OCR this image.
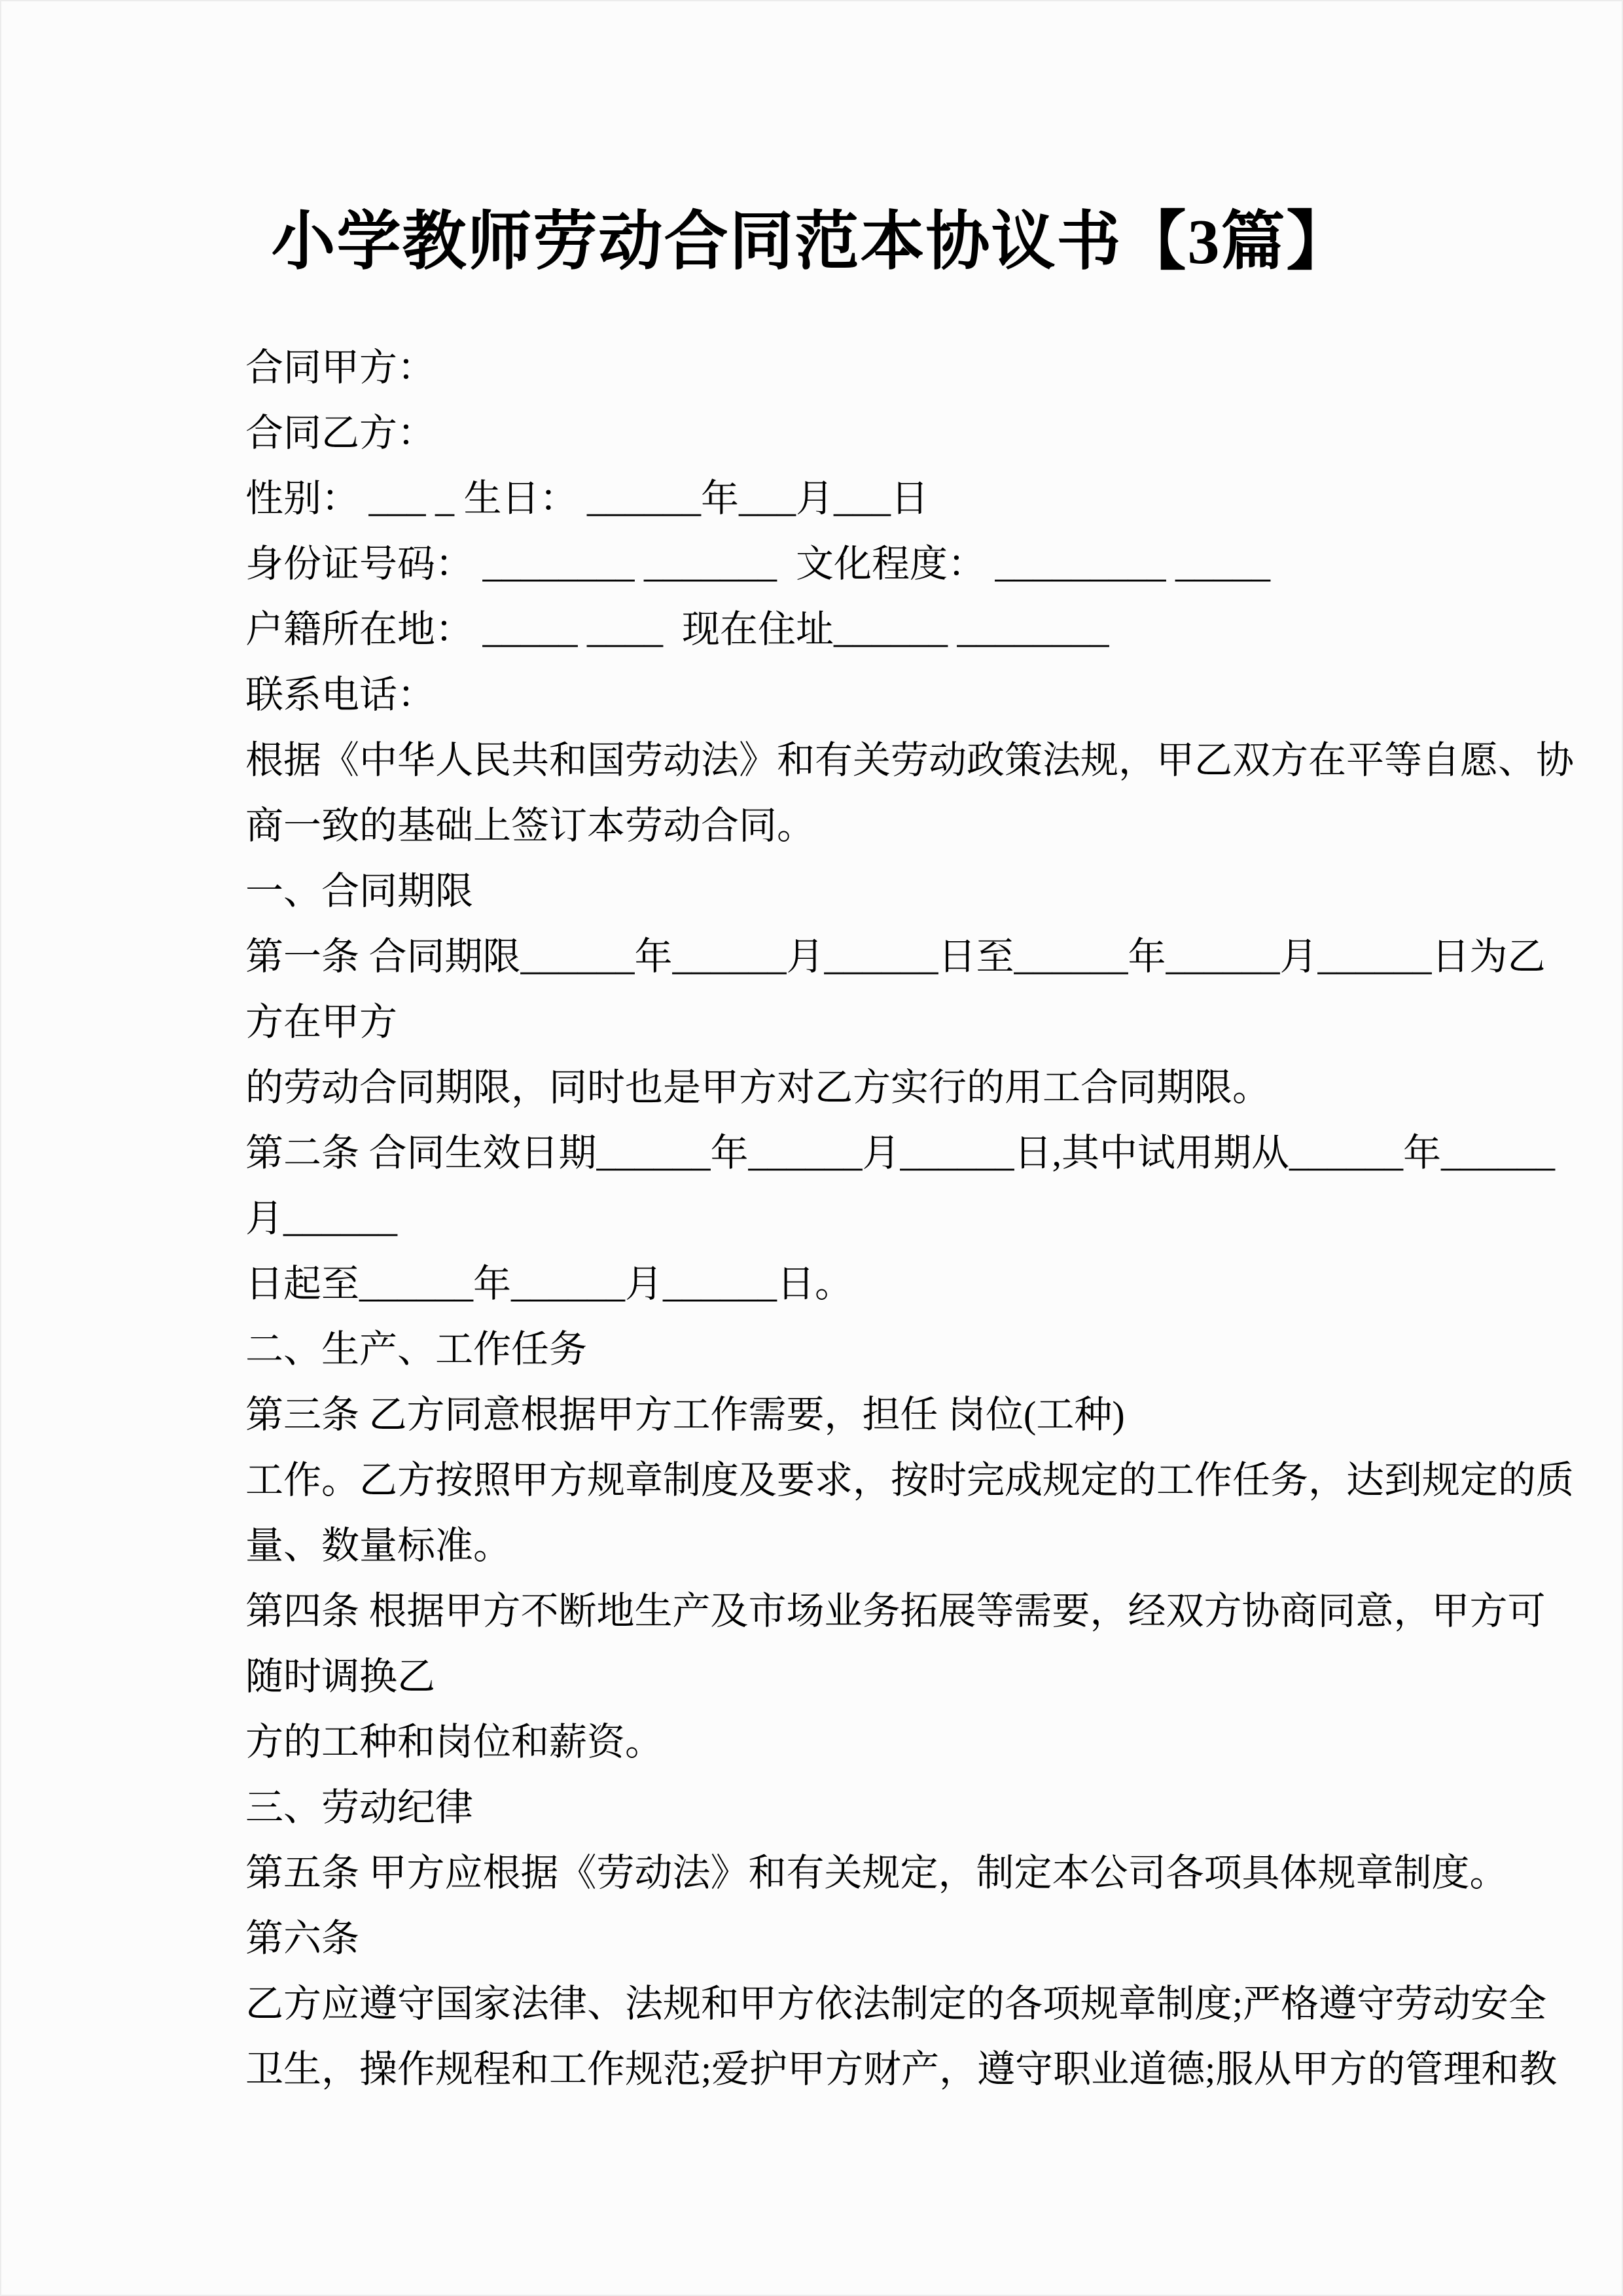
小学教师劳动合同范本协议书【3篇】
合同甲方：
合同乙方：
性别： ___ _ 生日： ______年___月___日
身份证号码： ________ _______  文化程度： _________ _____
户籍所在地： _____ ____  现在住址______ ________
联系电话：
根据《中华人民共和国劳动法》和有关劳动政策法规，甲乙双方在平等自愿、协
商一致的基础上签订本劳动合同。
一、合同期限
第一条 合同期限______年______月______日至______年______月______日为乙
方在甲方
的劳动合同期限，同时也是甲方对乙方实行的用工合同期限。
第二条 合同生效日期______年______月______日,其中试用期从______年______
月______
日起至______年______月______日。
二、生产、工作任务
第三条 乙方同意根据甲方工作需要，担任 岗位(工种)
工作。乙方按照甲方规章制度及要求，按时完成规定的工作任务，达到规定的质
量、数量标准。
第四条 根据甲方不断地生产及市场业务拓展等需要，经双方协商同意，甲方可
随时调换乙
方的工种和岗位和薪资。
三、劳动纪律
第五条 甲方应根据《劳动法》和有关规定，制定本公司各项具体规章制度。
第六条
乙方应遵守国家法律、法规和甲方依法制定的各项规章制度;严格遵守劳动安全
卫生，操作规程和工作规范;爱护甲方财产，遵守职业道德;服从甲方的管理和教
